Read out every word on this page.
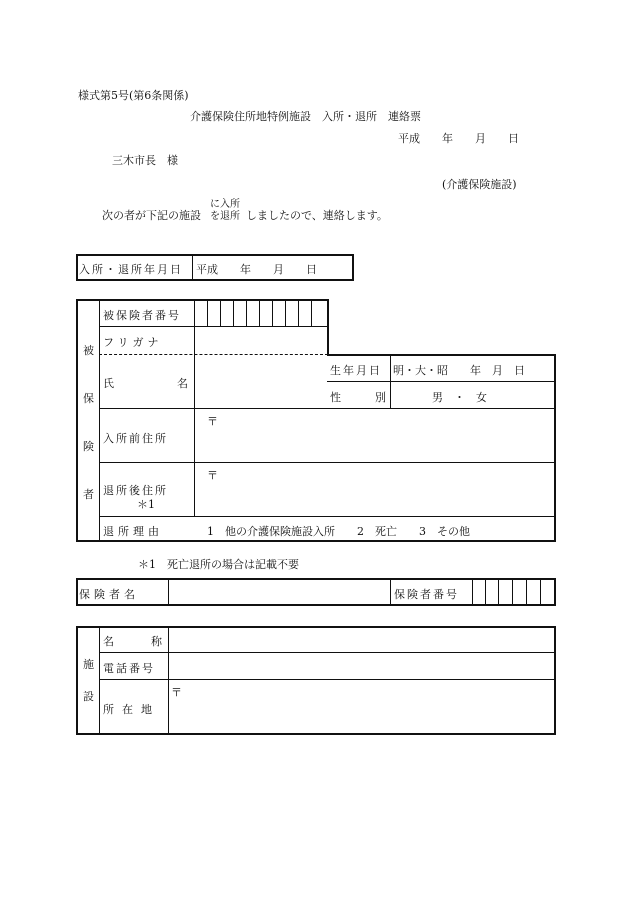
様式第5号(第6条関係)
介護保険住所地特例施設　入所・退所　連絡票
平成　　年　　月　　日
三木市長　様
(介護保険施設)
次の者が下記の施設
に入所
を退所 しましたので、連絡します。
入所・退所年月日 平成　　年　　月　　日
被
保
険
者
被保険者番号
フリガナ
氏	名
生年月日 明・大・昭　　年　月　日
性	別	男　・　女
入所前住所
〒
退所後住所
＊1
〒
退所理由	1　他の介護保険施設入所　　2　死亡　　3　その他
＊1　死亡退所の場合は記載不要
保険者名	保険者番号
施
設
名	称
電話番号
所在地
〒
